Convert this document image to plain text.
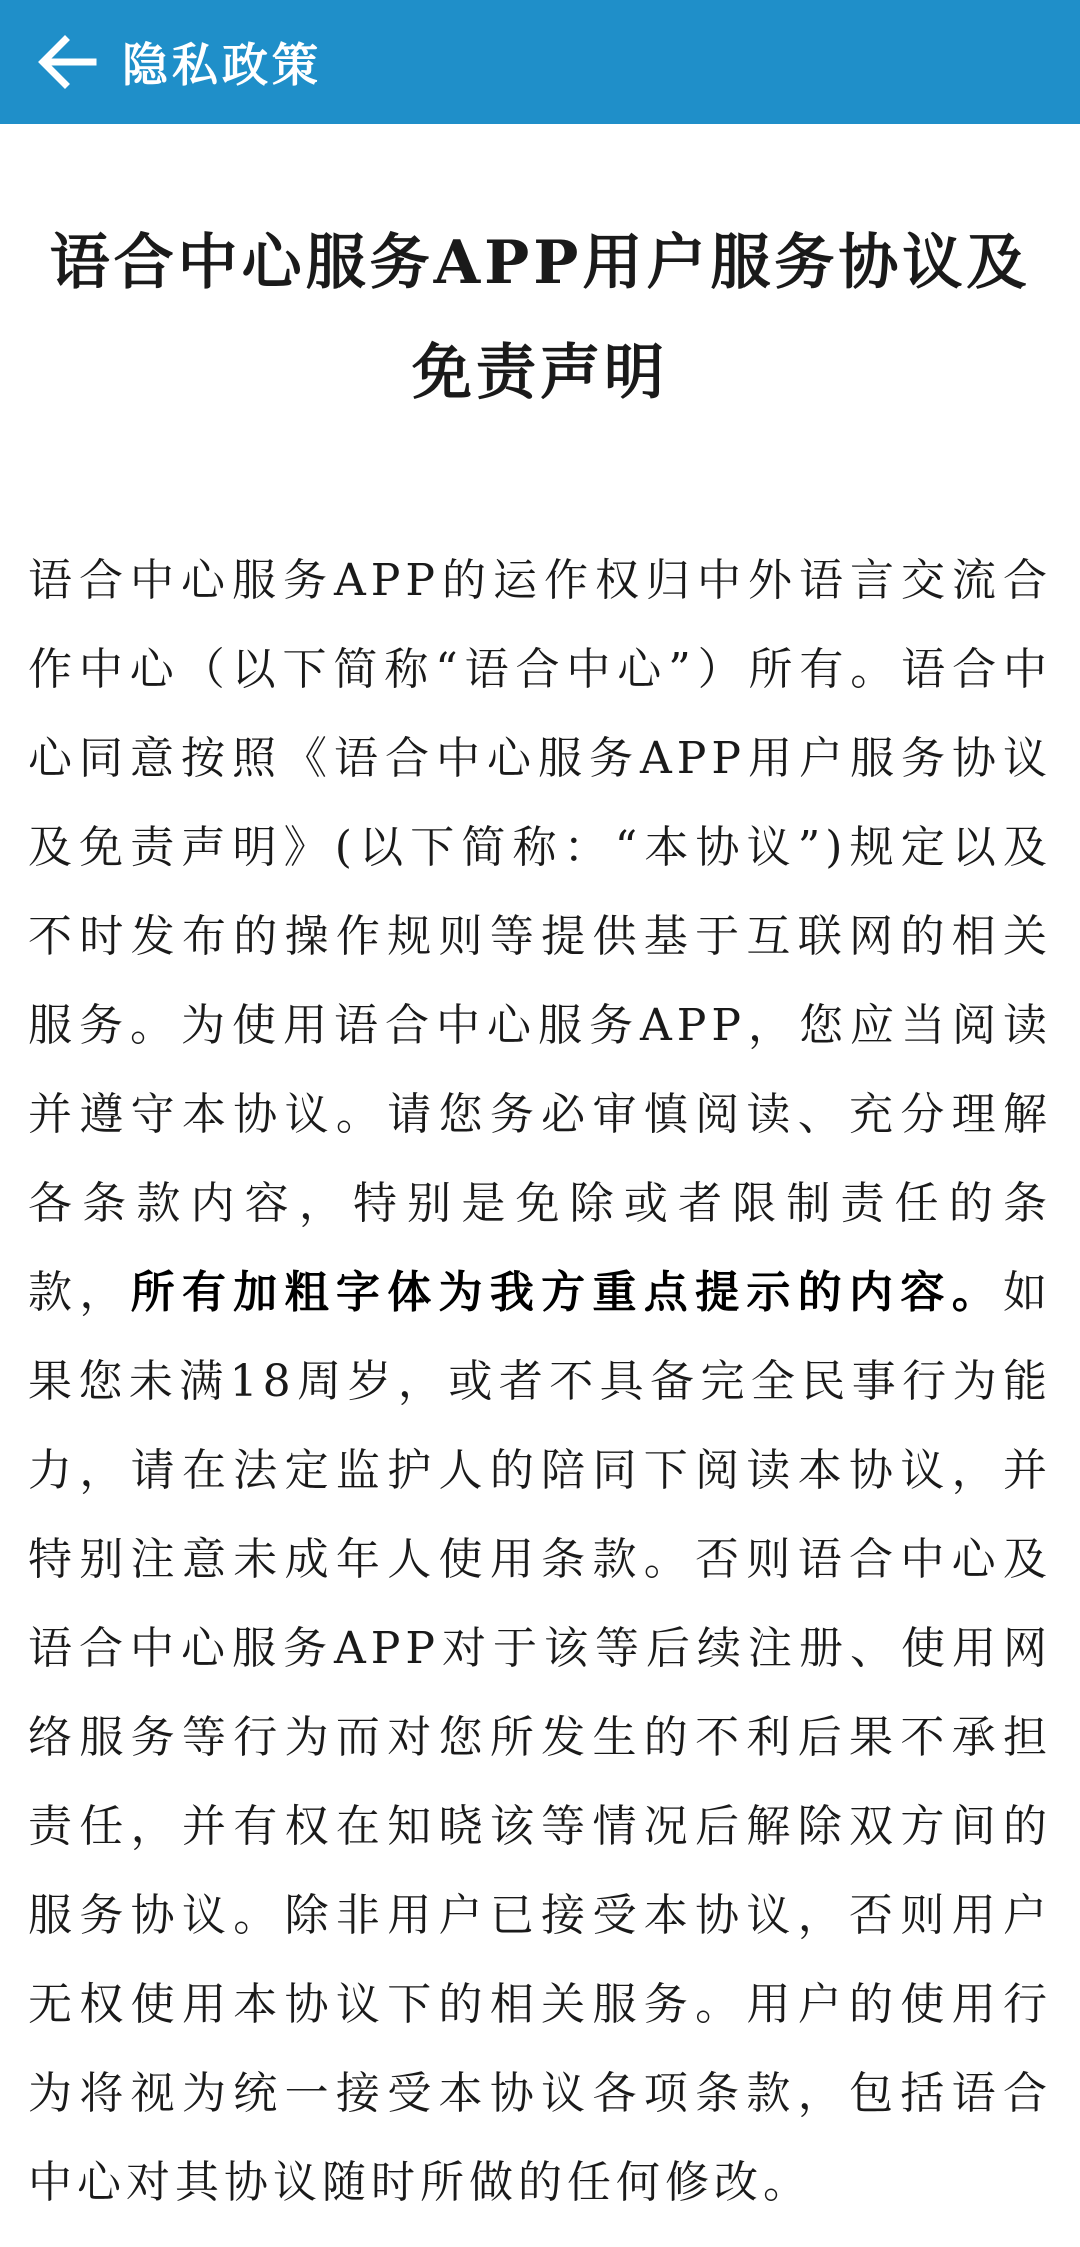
隐私政策
语合中心服务APP用户服务协议及免责声明

语合中心服务APP的运作权归中外语言交流合作中心（以下简称“语合中心”）所有。语合中心同意按照《语合中心服务APP用户服务协议及免责声明》(以下简称：“本协议”)规定以及不时发布的操作规则等提供基于互联网的相关服务。为使用语合中心服务APP，您应当阅读并遵守本协议。请您务必审慎阅读、充分理解各条款内容，特别是免除或者限制责任的条款，所有加粗字体为我方重点提示的内容。如果您未满18周岁，或者不具备完全民事行为能力，请在法定监护人的陪同下阅读本协议，并特别注意未成年人使用条款。否则语合中心及语合中心服务APP对于该等后续注册、使用网络服务等行为而对您所发生的不利后果不承担责任，并有权在知晓该等情况后解除双方间的服务协议。除非用户已接受本协议，否则用户无权使用本协议下的相关服务。用户的使用行为将视为统一接受本协议各项条款，包括语合中心对其协议随时所做的任何修改。
